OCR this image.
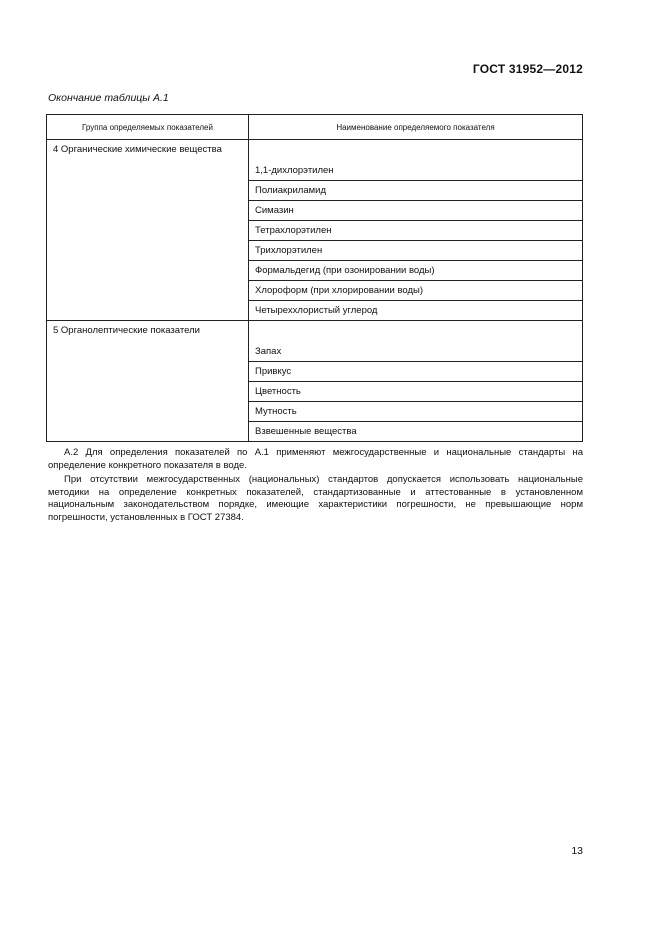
ГОСТ 31952—2012
Окончание таблицы А.1
Группа определяемых показателей	Наименование определяемого показателя
4 Органические химические вещества	1,1-дихлорэтилен
	Полиакриламид
	Симазин
	Тетрахлорэтилен
	Трихлорэтилен
	Формальдегид (при озонировании воды)
	Хлороформ (при хлорировании воды)
	Четыреххлористый углерод
5 Органолептические показатели	Запах
	Привкус
	Цветность
	Мутность
	Взвешенные вещества
А.2 Для определения показателей по А.1 применяют межгосударственные и национальные стандарты на определение конкретного показателя в воде.
При отсутствии межгосударственных (национальных) стандартов допускается использовать национальные методики на определение конкретных показателей, стандартизованные и аттестованные в установленном национальным законодательством порядке, имеющие характеристики погрешности, не превышающие норм погрешности, установленных в ГОСТ 27384.
13
